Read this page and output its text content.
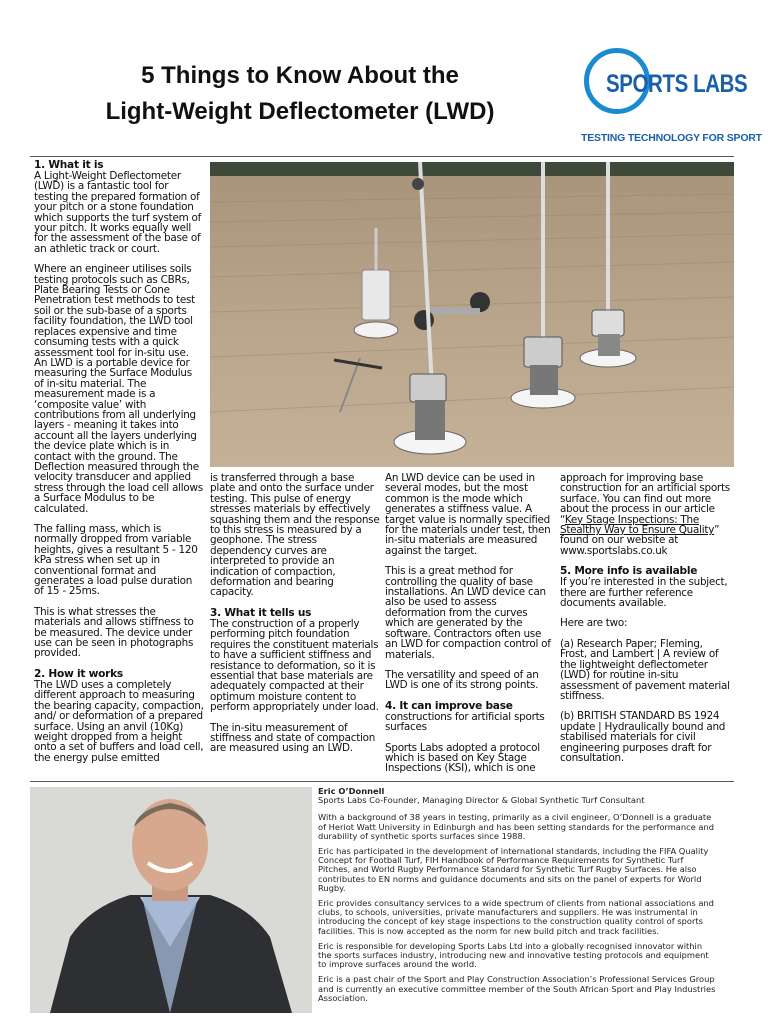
5 Things to Know About the
Light-Weight Deflectometer (LWD)
SPORTS LABS
TESTING TECHNOLOGY FOR SPORT
1. What it is

A Light-Weight Deflectometer (LWD) is a fantastic tool for testing the prepared formation of your pitch or a stone foundation which supports the turf system of your pitch. It works equally well for the assessment of the base of an athletic track or court.

Where an engineer utilises soils testing protocols such as CBRs, Plate Bearing Tests or Cone Penetration test methods to test soil or the sub-base of a sports facility foundation, the LWD tool replaces expensive and time consuming tests with a quick assessment tool for in-situ use. An LWD is a portable device for measuring the Surface Modulus of in-situ material. The measurement made is a ‘composite value’ with contributions from all underlying layers - meaning it takes into account all the layers underlying the device plate which is in contact with the ground. The Deflection measured through the velocity transducer and applied stress through the load cell allows a Surface Modulus to be calculated.

The falling mass, which is normally dropped from variable heights, gives a resultant 5 - 120 kPa stress when set up in conventional format and generates a load pulse duration of 15 - 25ms.

This is what stresses the materials and allows stiffness to be measured. The device under use can be seen in photographs provided.

2. How it works

The LWD uses a completely different approach to measuring the bearing capacity, compaction, and/ or deformation of a prepared surface. Using an anvil (10Kg) weight dropped from a height onto a set of buffers and load cell, the energy pulse emitted

is transferred through a base plate and onto the surface under testing. This pulse of energy stresses materials by effectively squashing them and the response to this stress is measured by a geophone. The stress dependency curves are interpreted to provide an indication of compaction, deformation and bearing capacity.

3. What it tells us

The construction of a properly performing pitch foundation requires the constituent materials to have a sufficient stiffness and resistance to deformation, so it is essential that base materials are adequately compacted at their optimum moisture content to perform appropriately under load.

The in-situ measurement of stiffness and state of compaction are measured using an LWD.

An LWD device can be used in several modes, but the most common is the mode which generates a stiffness value. A target value is normally specified for the materials under test, then in-situ materials are measured against the target.

This is a great method for controlling the quality of base installations. An LWD device can also be used to assess deformation from the curves which are generated by the software. Contractors often use an LWD for compaction control of materials.

The versatility and speed of an LWD is one of its strong points.

4. It can improve base

constructions for artificial sports surfaces

Sports Labs adopted a protocol which is based on Key Stage Inspections (KSI), which is one

approach for improving base construction for an artificial sports surface. You can find out more about the process in our article “Key Stage Inspections: The Stealthy Way to Ensure Quality” found on our website at www.sportslabs.co.uk

5. More info is available

If you’re interested in the subject, there are further reference documents available.

Here are two:

(a) Research Paper; Fleming, Frost, and Lambert | A review of the lightweight deflectometer (LWD) for routine in-situ assessment of pavement material stiffness.

(b) BRITISH STANDARD BS 1924 update | Hydraulically bound and stabilised materials for civil engineering purposes draft for consultation.

Eric O’Donnell

Sports Labs Co-Founder, Managing Director & Global Synthetic Turf Consultant

With a background of 38 years in testing, primarily as a civil engineer, O’Donnell is a graduate of Heriot Watt University in Edinburgh and has been setting standards for the performance and durability of synthetic sports surfaces since 1988.

Eric has participated in the development of international standards, including the FIFA Quality Concept for Football Turf, FIH Handbook of Performance Requirements for Synthetic Turf Pitches, and World Rugby Performance Standard for Synthetic Turf Rugby Surfaces. He also contributes to EN norms and guidance documents and sits on the panel of experts for World Rugby.

Eric provides consultancy services to a wide spectrum of clients from national associations and clubs, to schools, universities, private manufacturers and suppliers. He was instrumental in introducing the concept of key stage inspections to the construction quality control of sports facilities. This is now accepted as the norm for new build pitch and track facilities.

Eric is responsible for developing Sports Labs Ltd into a globally recognised innovator within the sports surfaces industry, introducing new and innovative testing protocols and equipment to improve surfaces around the world.

Eric is a past chair of the Sport and Play Construction Association’s Professional Services Group and is currently an executive committee member of the South African Sport and Play Industries Association.
